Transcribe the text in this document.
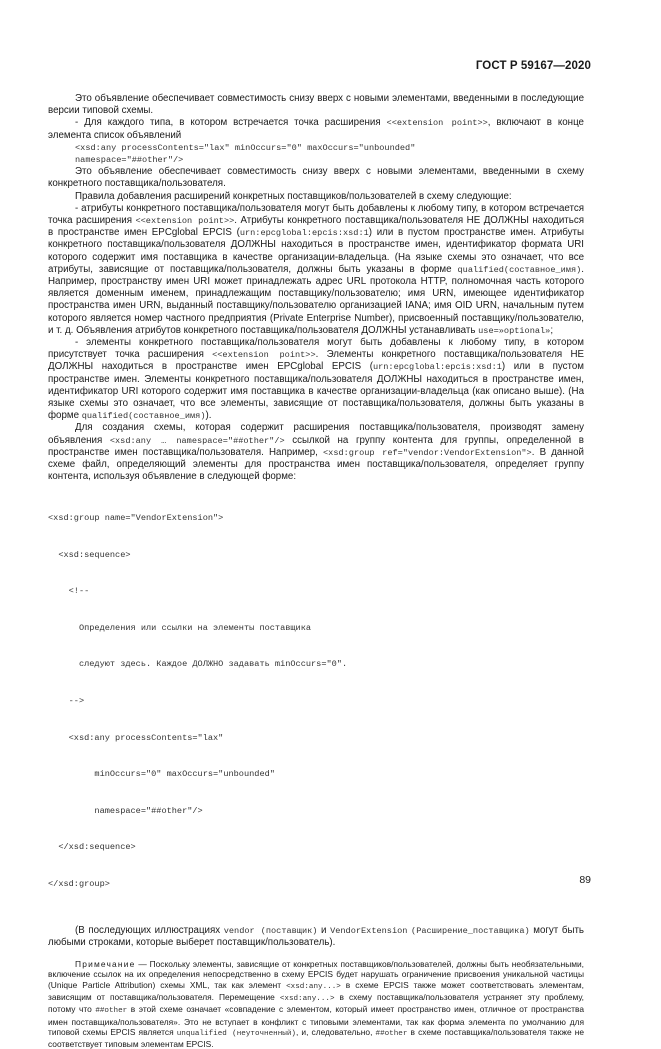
ГОСТ Р 59167—2020

Это объявление обеспечивает совместимость снизу вверх с новыми элементами, введенными в последующие версии типовой схемы.

- Для каждого типа, в котором встречается точка расширения <<extension point>>, включают в конце элемента список объявлений

<xsd:any processContents="lax" minOccurs="0" maxOccurs="unbounded"

namespace="##other"/>

Это объявление обеспечивает совместимость снизу вверх с новыми элементами, введенными в схему конкретного поставщика/пользователя.

Правила добавления расширений конкретных поставщиков/пользователей в схему следующие:

- атрибуты конкретного поставщика/пользователя могут быть добавлены к любому типу, в котором встречается точка расширения <<extension point>>. Атрибуты конкретного поставщика/пользователя НЕ ДОЛЖНЫ находиться в пространстве имен EPCglobal EPCIS (urn:epcglobal:epcis:xsd:1) или в пустом пространстве имен. Атрибуты конкретного поставщика/пользователя ДОЛЖНЫ находиться в пространстве имен, идентификатор формата URI которого содержит имя поставщика в качестве организации-владельца. (На языке схемы это означает, что все атрибуты, зависящие от поставщика/пользователя, должны быть указаны в форме qualified(составное_имя). Например, пространству имен URI может принадлежать адрес URL протокола HTTP, полномочная часть которого является доменным именем, принадлежащим поставщику/пользователю; имя URN, имеющее идентификатор пространства имен URN, выданный поставщику/пользователю организацией IANA; имя OID URN, начальным путем которого является номер частного предприятия (Private Enterprise Number), присвоенный поставщику/пользователю, и т. д. Объявления атрибутов конкретного поставщика/пользователя ДОЛЖНЫ устанавливать use=»optional»;

- элементы конкретного поставщика/пользователя могут быть добавлены к любому типу, в котором присутствует точка расширения <<extension point>>. Элементы конкретного поставщика/пользователя НЕ ДОЛЖНЫ находиться в пространстве имен EPCglobal EPCIS (urn:epcglobal:epcis:xsd:1) или в пустом пространстве имен. Элементы конкретного поставщика/пользователя ДОЛЖНЫ находиться в пространстве имен, идентификатор URI которого содержит имя поставщика в качестве организации-владельца (как описано выше). (На языке схемы это означает, что все элементы, зависящие от поставщика/пользователя, должны быть указаны в форме qualified(составное_имя)).

Для создания схемы, которая содержит расширения поставщика/пользователя, производят замену объявления <xsd:any … namespace="##other"/> ссылкой на группу контента для группы, определенной в пространстве имен поставщика/пользователя. Например, <xsd:group ref="vendor:VendorExtension">. В данной схеме файл, определяющий элементы для пространства имен поставщика/пользователя, определяет группу контента, используя объявление в следующей форме:

<xsd:group name="VendorExtension">

<xsd:sequence>

<!--

Определения или ссылки на элементы поставщика

следуют здесь. Каждое ДОЛЖНО задавать minOccurs="0".

-->

<xsd:any processContents="lax"

minOccurs="0" maxOccurs="unbounded"

namespace="##other"/>

</xsd:sequence>

</xsd:group>

(В последующих иллюстрациях vendor (поставщик) и VendorExtension (Расширение_поставщика) могут быть любыми строками, которые выберет поставщик/пользователь).

Примечание — Поскольку элементы, зависящие от конкретных поставщиков/пользователей, должны быть необязательными, включение ссылок на их определения непосредственно в схему EPCIS будет нарушать ограничение присвоения уникальной частицы (Unique Particle Attribution) схемы XML, так как элемент <xsd:any...> в схеме EPCIS также может соответствовать элементам, зависящим от поставщика/пользователя. Перемещение <xsd:any...> в схему поставщика/пользователя устраняет эту проблему, потому что ##other в этой схеме означает «совпадение с элементом, который имеет пространство имен, отличное от пространства имен поставщика/пользователя». Это не вступает в конфликт с типовыми элементами, так как форма элемента по умолчанию для типовой схемы EPCIS является unqualified (неуточненный), и, следовательно, ##other в схеме поставщика/пользователя также не соответствует типовым элементам EPCIS.

89
